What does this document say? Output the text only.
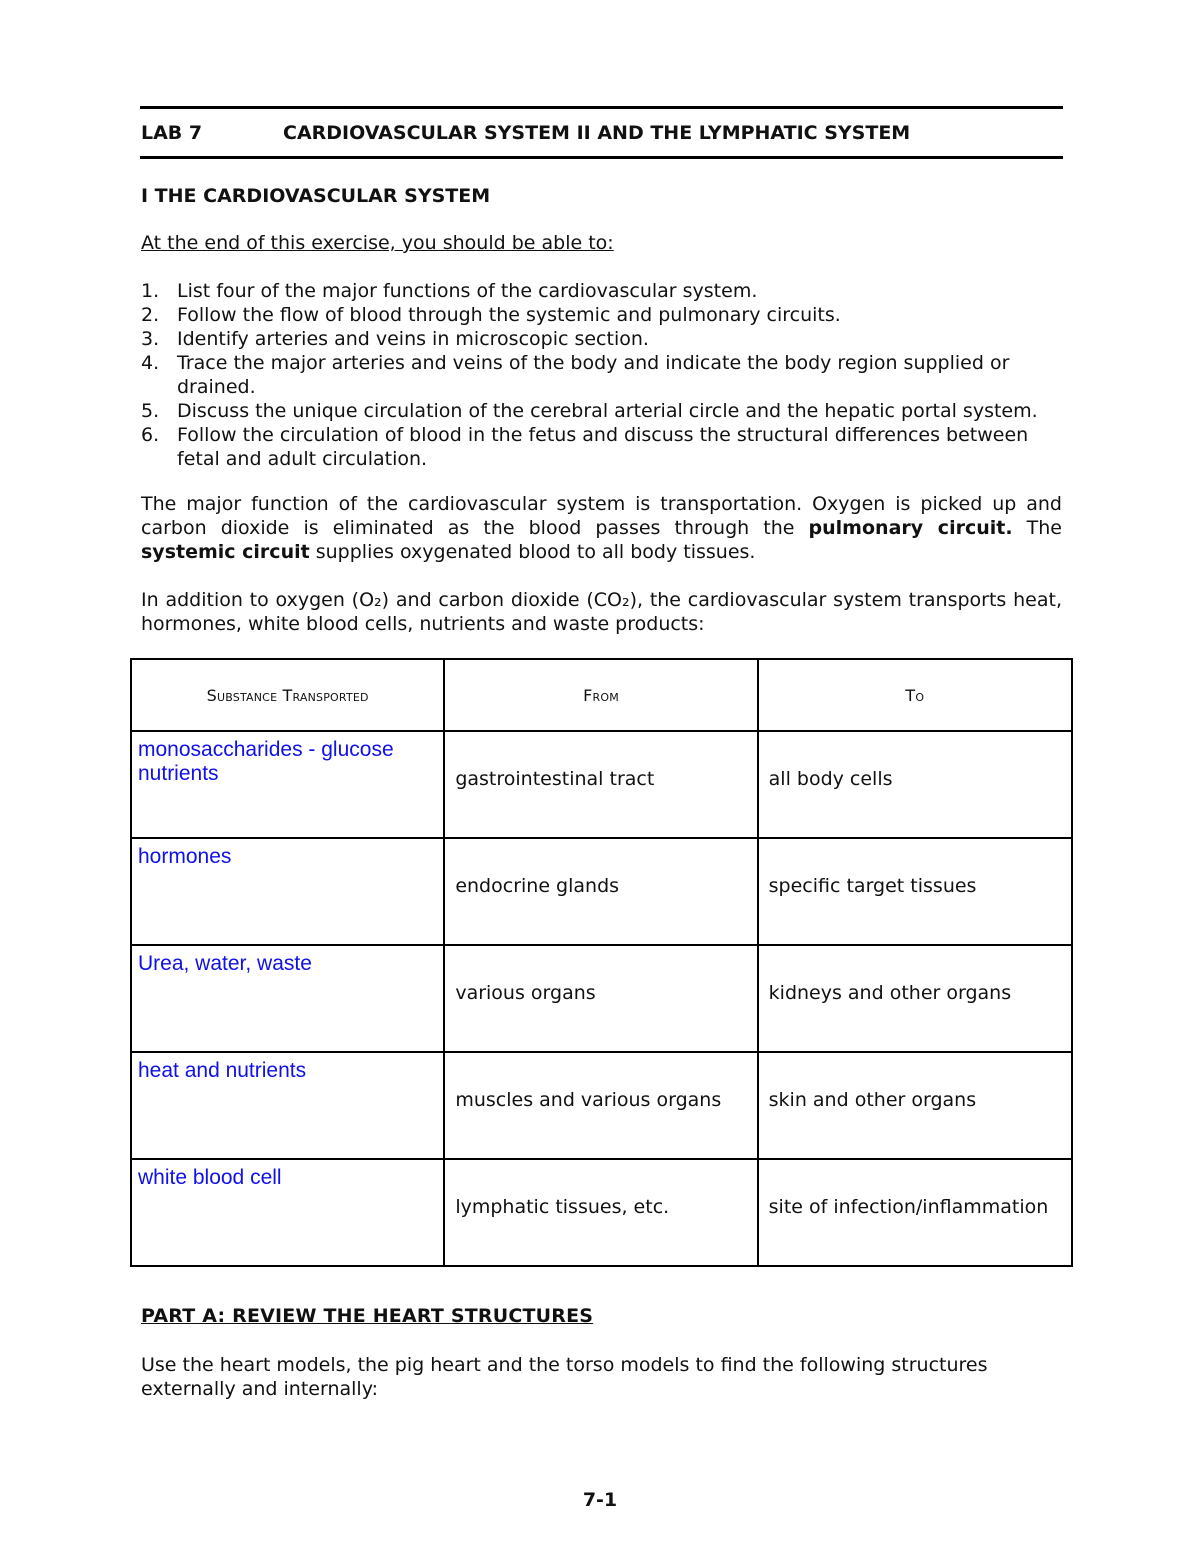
LAB 7	CARDIOVASCULAR SYSTEM II AND THE LYMPHATIC SYSTEM
I THE CARDIOVASCULAR SYSTEM
At the end of this exercise, you should be able to:
1. List four of the major functions of the cardiovascular system.
2. Follow the flow of blood through the systemic and pulmonary circuits.
3. Identify arteries and veins in microscopic section.
4. Trace the major arteries and veins of the body and indicate the body region supplied or drained.
5. Discuss the unique circulation of the cerebral arterial circle and the hepatic portal system.
6. Follow the circulation of blood in the fetus and discuss the structural differences between fetal and adult circulation.
The major function of the cardiovascular system is transportation. Oxygen is picked up and carbon dioxide is eliminated as the blood passes through the pulmonary circuit. The systemic circuit supplies oxygenated blood to all body tissues.
In addition to oxygen (O₂) and carbon dioxide (CO₂), the cardiovascular system transports heat, hormones, white blood cells, nutrients and waste products:
Substance Transported	From	To

monosaccharides - glucose nutrients	gastrointestinal tract	all body cells

hormones	endocrine glands	specific target tissues

Urea, water, waste	various organs	kidneys and other organs

heat and nutrients	muscles and various organs	skin and other organs

white blood cell	lymphatic tissues, etc.	site of infection/inflammation
PART A: REVIEW THE HEART STRUCTURES
Use the heart models, the pig heart and the torso models to find the following structures externally and internally:
7-1
